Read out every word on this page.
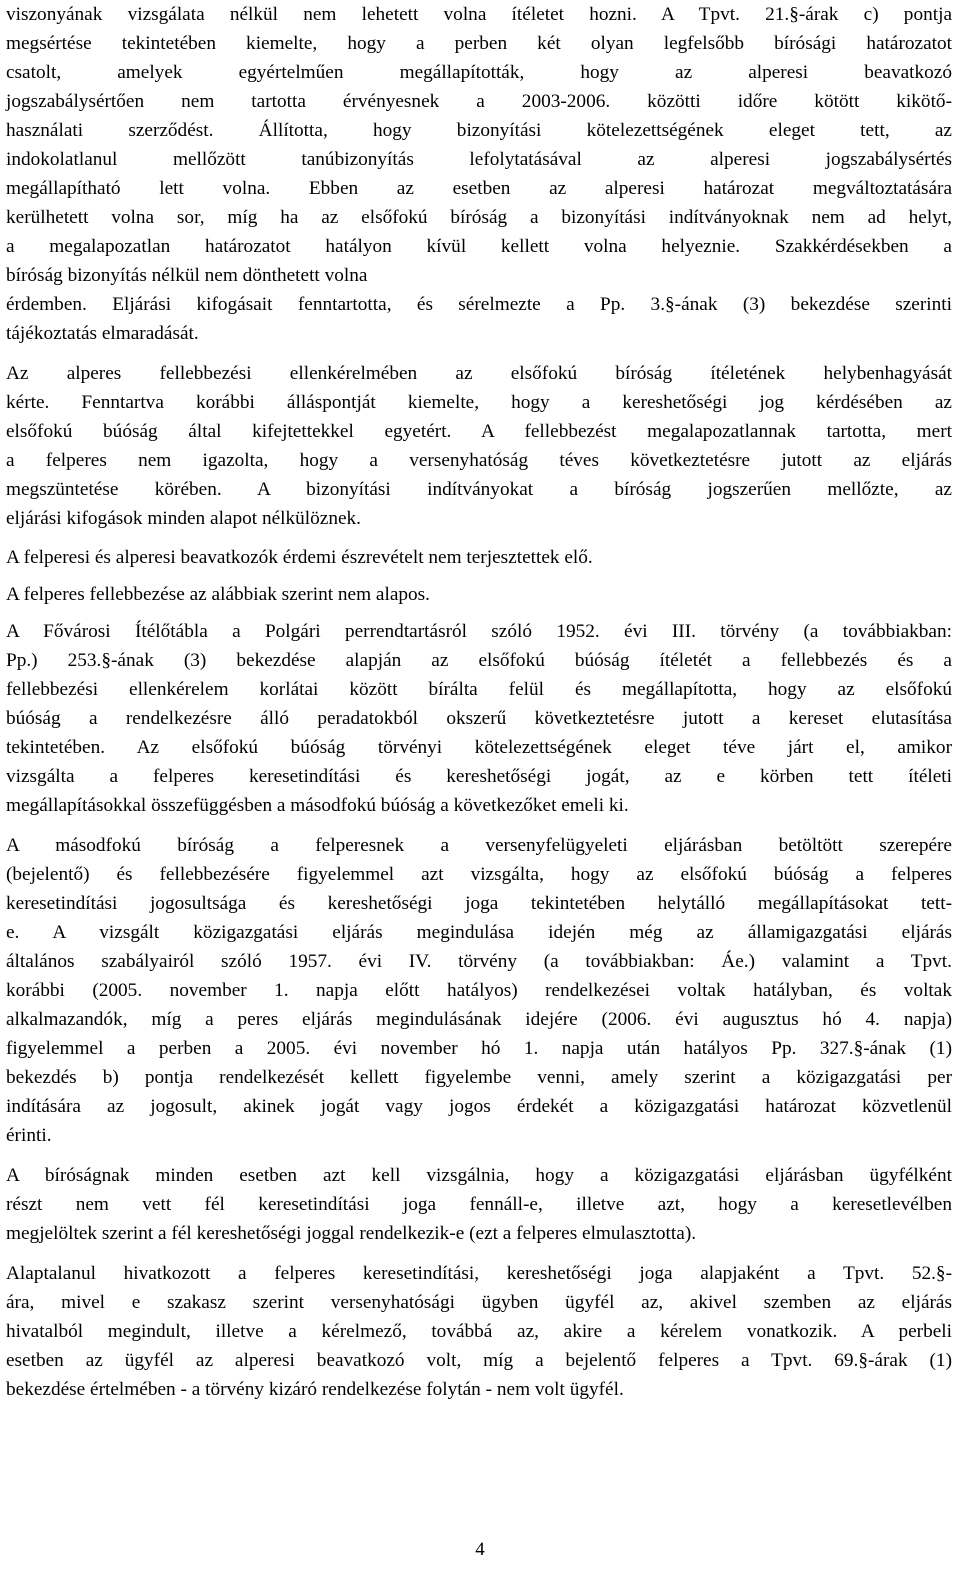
viszonyának vizsgálata nélkül nem lehetett volna ítéletet hozni. A Tpvt. 21.§-árak c) pontja
megsértése tekintetében kiemelte, hogy a perben két olyan legfelsőbb bírósági határozatot
csatolt, amelyek egyértelműen megállapították, hogy az alperesi beavatkozó
jogszabálysértően nem tartotta érvényesnek a 2003-2006. közötti időre kötött kikötő-
használati szerződést. Állította, hogy bizonyítási kötelezettségének eleget tett, az
indokolatlanul mellőzött tanúbizonyítás lefolytatásával az alperesi jogszabálysértés
megállapítható lett volna. Ebben az esetben az alperesi határozat megváltoztatására
kerülhetett volna sor, míg ha az elsőfokú bíróság a bizonyítási indítványoknak nem ad helyt,
a megalapozatlan határozatot hatályon kívül kellett volna helyeznie. Szakkérdésekben a
bíróság bizonyítás nélkül nem dönthetett volna
érdemben. Eljárási kifogásait fenntartotta, és sérelmezte a Pp. 3.§-ának (3) bekezdése szerinti
tájékoztatás elmaradását.
Az alperes fellebbezési ellenkérelmében az elsőfokú bíróság ítéletének helybenhagyását
kérte. Fenntartva korábbi álláspontját kiemelte, hogy a kereshetőségi jog kérdésében az
elsőfokú búóság által kifejtettekkel egyetért. A fellebbezést megalapozatlannak tartotta, mert
a felperes nem igazolta, hogy a versenyhatóság téves következtetésre jutott az eljárás
megszüntetése körében. A bizonyítási indítványokat a bíróság jogszerűen mellőzte, az
eljárási kifogások minden alapot nélkülöznek.
A felperesi és alperesi beavatkozók érdemi észrevételt nem terjesztettek elő.
A felperes fellebbezése az alábbiak szerint nem alapos.
A Fővárosi Ítélőtábla a Polgári perrendtartásról szóló 1952. évi III. törvény (a továbbiakban:
Pp.) 253.§-ának (3) bekezdése alapján az elsőfokú búóság ítéletét a fellebbezés és a
fellebbezési ellenkérelem korlátai között bírálta felül és megállapította, hogy az elsőfokú
búóság a rendelkezésre álló peradatokból okszerű következtetésre jutott a kereset elutasítása
tekintetében. Az elsőfokú búóság törvényi kötelezettségének eleget téve járt el, amikor
vizsgálta a felperes keresetindítási és kereshetőségi jogát, az e körben tett ítéleti
megállapításokkal összefüggésben a másodfokú búóság a következőket emeli ki.
A másodfokú bíróság a felperesnek a versenyfelügyeleti eljárásban betöltött szerepére
(bejelentő) és fellebbezésére figyelemmel azt vizsgálta, hogy az elsőfokú búóság a felperes
keresetindítási jogosultsága és kereshetőségi joga tekintetében helytálló megállapításokat tett-
e. A vizsgált közigazgatási eljárás megindulása idején még az államigazgatási eljárás
általános szabályairól szóló 1957. évi IV. törvény (a továbbiakban: Áe.) valamint a Tpvt.
korábbi (2005. november 1. napja előtt hatályos) rendelkezései voltak hatályban, és voltak
alkalmazandók, míg a peres eljárás megindulásának idejére (2006. évi augusztus hó 4. napja)
figyelemmel a perben a 2005. évi november hó 1. napja után hatályos Pp. 327.§-ának (1)
bekezdés b) pontja rendelkezését kellett figyelembe venni, amely szerint a közigazgatási per
indítására az jogosult, akinek jogát vagy jogos érdekét a közigazgatási határozat közvetlenül
érinti.
A bíróságnak minden esetben azt kell vizsgálnia, hogy a közigazgatási eljárásban ügyfélként
részt nem vett fél keresetindítási joga fennáll-e, illetve azt, hogy a keresetlevélben
megjelöltek szerint a fél kereshetőségi joggal rendelkezik-e (ezt a felperes elmulasztotta).
Alaptalanul hivatkozott a felperes keresetindítási, kereshetőségi joga alapjaként a Tpvt. 52.§-
ára, mivel e szakasz szerint versenyhatósági ügyben ügyfél az, akivel szemben az eljárás
hivatalból megindult, illetve a kérelmező, továbbá az, akire a kérelem vonatkozik. A perbeli
esetben az ügyfél az alperesi beavatkozó volt, míg a bejelentő felperes a Tpvt. 69.§-árak (1)
bekezdése értelmében - a törvény kizáró rendelkezése folytán - nem volt ügyfél.
4
